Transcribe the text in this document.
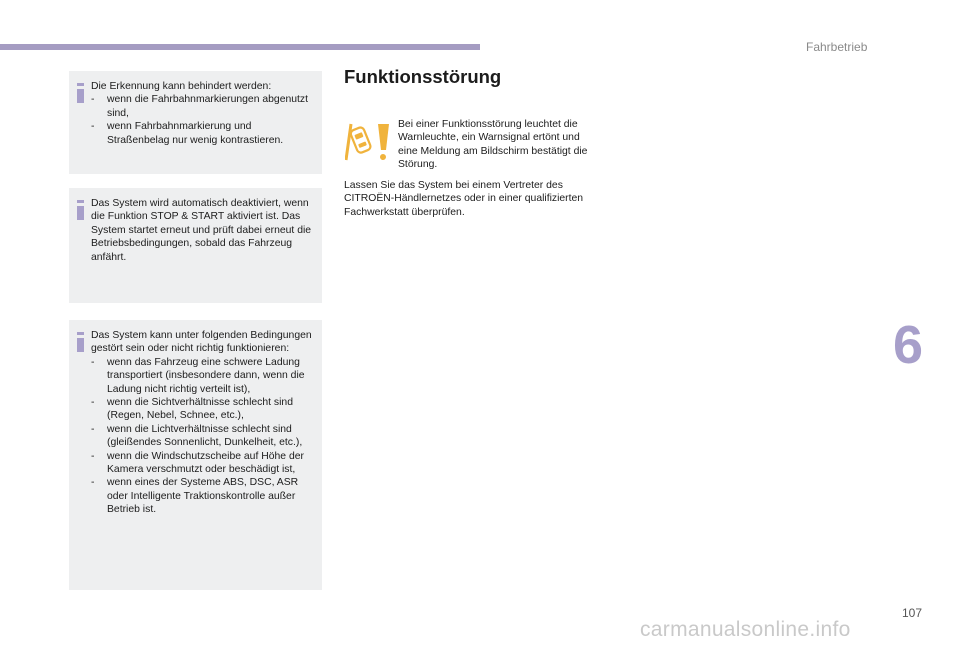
Fahrbetrieb
6

Die Erkennung kann behindert werden:

- wenn die Fahrbahnmarkierungen abgenutzt sind,
- wenn Fahrbahnmarkierung und Straßenbelag nur wenig kontrastieren.

Das System wird automatisch deaktiviert, wenn die Funktion STOP & START aktiviert ist. Das System startet erneut und prüft dabei erneut die Betriebsbedingungen, sobald das Fahrzeug anfährt.

Das System kann unter folgenden Bedingungen gestört sein oder nicht richtig funktionieren:

- wenn das Fahrzeug eine schwere Ladung transportiert (insbesondere dann, wenn die Ladung nicht richtig verteilt ist),
- wenn die Sichtverhältnisse schlecht sind (Regen, Nebel, Schnee, etc.),
- wenn die Lichtverhältnisse schlecht sind (gleißendes Sonnenlicht, Dunkelheit, etc.),
- wenn die Windschutzscheibe auf Höhe der Kamera verschmutzt oder beschädigt ist,
- wenn eines der Systeme ABS, DSC, ASR oder Intelligente Traktionskontrolle außer Betrieb ist.
Funktionsstörung

Bei einer Funktionsstörung leuchtet die Warnleuchte, ein Warnsignal ertönt und eine Meldung am Bildschirm bestätigt die Störung.

Lassen Sie das System bei einem Vertreter des CITROËN-Händlernetzes oder in einer qualifizierten Fachwerkstatt überprüfen.

107
carmanualsonline.info
